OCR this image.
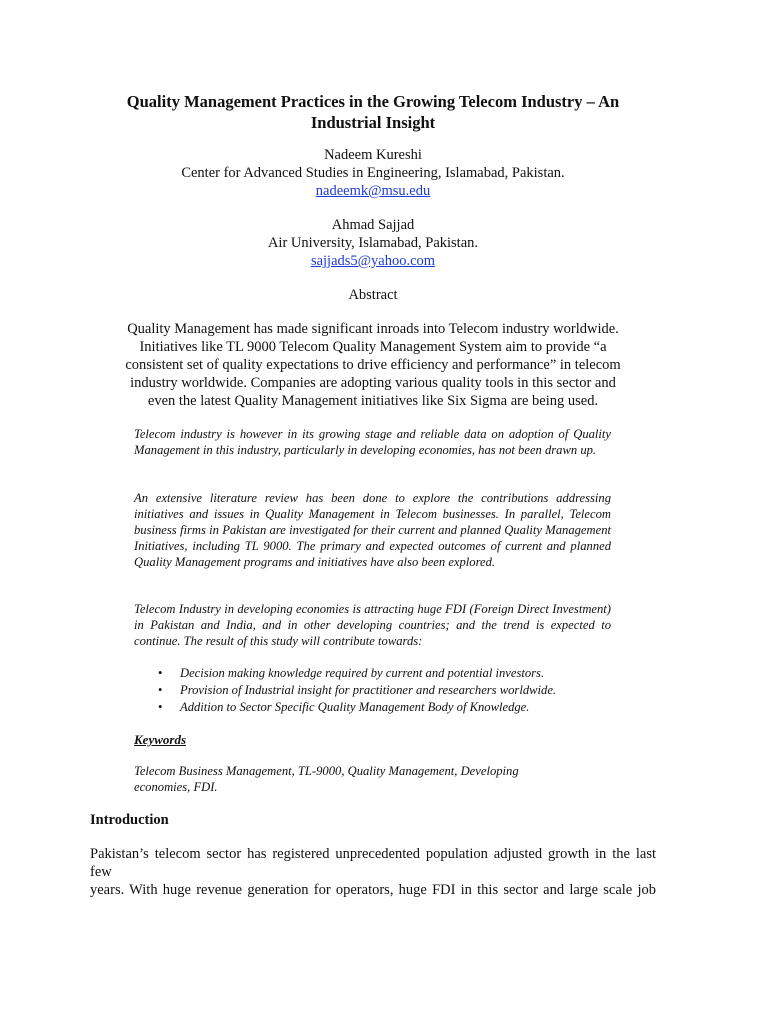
Quality Management Practices in the Growing Telecom Industry – An
Industrial Insight
Nadeem Kureshi
Center for Advanced Studies in Engineering, Islamabad, Pakistan.
nadeemk@msu.edu
Ahmad Sajjad
Air University, Islamabad, Pakistan.
sajjads5@yahoo.com
Abstract
Quality Management has made significant inroads into Telecom industry worldwide.
Initiatives like TL 9000 Telecom Quality Management System aim to provide “a
consistent set of quality expectations to drive efficiency and performance” in telecom
industry worldwide. Companies are adopting various quality tools in this sector and
even the latest Quality Management initiatives like Six Sigma are being used.

Telecom industry is however in its growing stage and reliable data on adoption of Quality Management in this industry, particularly in developing economies, has not been drawn up.

An extensive literature review has been done to explore the contributions addressing initiatives and issues in Quality Management in Telecom businesses. In parallel, Telecom business firms in Pakistan are investigated for their current and planned Quality Management Initiatives, including TL 9000. The primary and expected outcomes of current and planned Quality Management programs and initiatives have also been explored.

Telecom Industry in developing economies is attracting huge FDI (Foreign Direct Investment) in Pakistan and India, and in other developing countries; and the trend is expected to continue. The result of this study will contribute towards:

• Decision making knowledge required by current and potential investors.
• Provision of Industrial insight for practitioner and researchers worldwide.
• Addition to Sector Specific Quality Management Body of Knowledge.
Keywords
Telecom Business Management, TL-9000, Quality Management, Developing economies, FDI.
Introduction
Pakistan’s telecom sector has registered unprecedented population adjusted growth in the last few
years. With huge revenue generation for operators, huge FDI in this sector and large scale job
